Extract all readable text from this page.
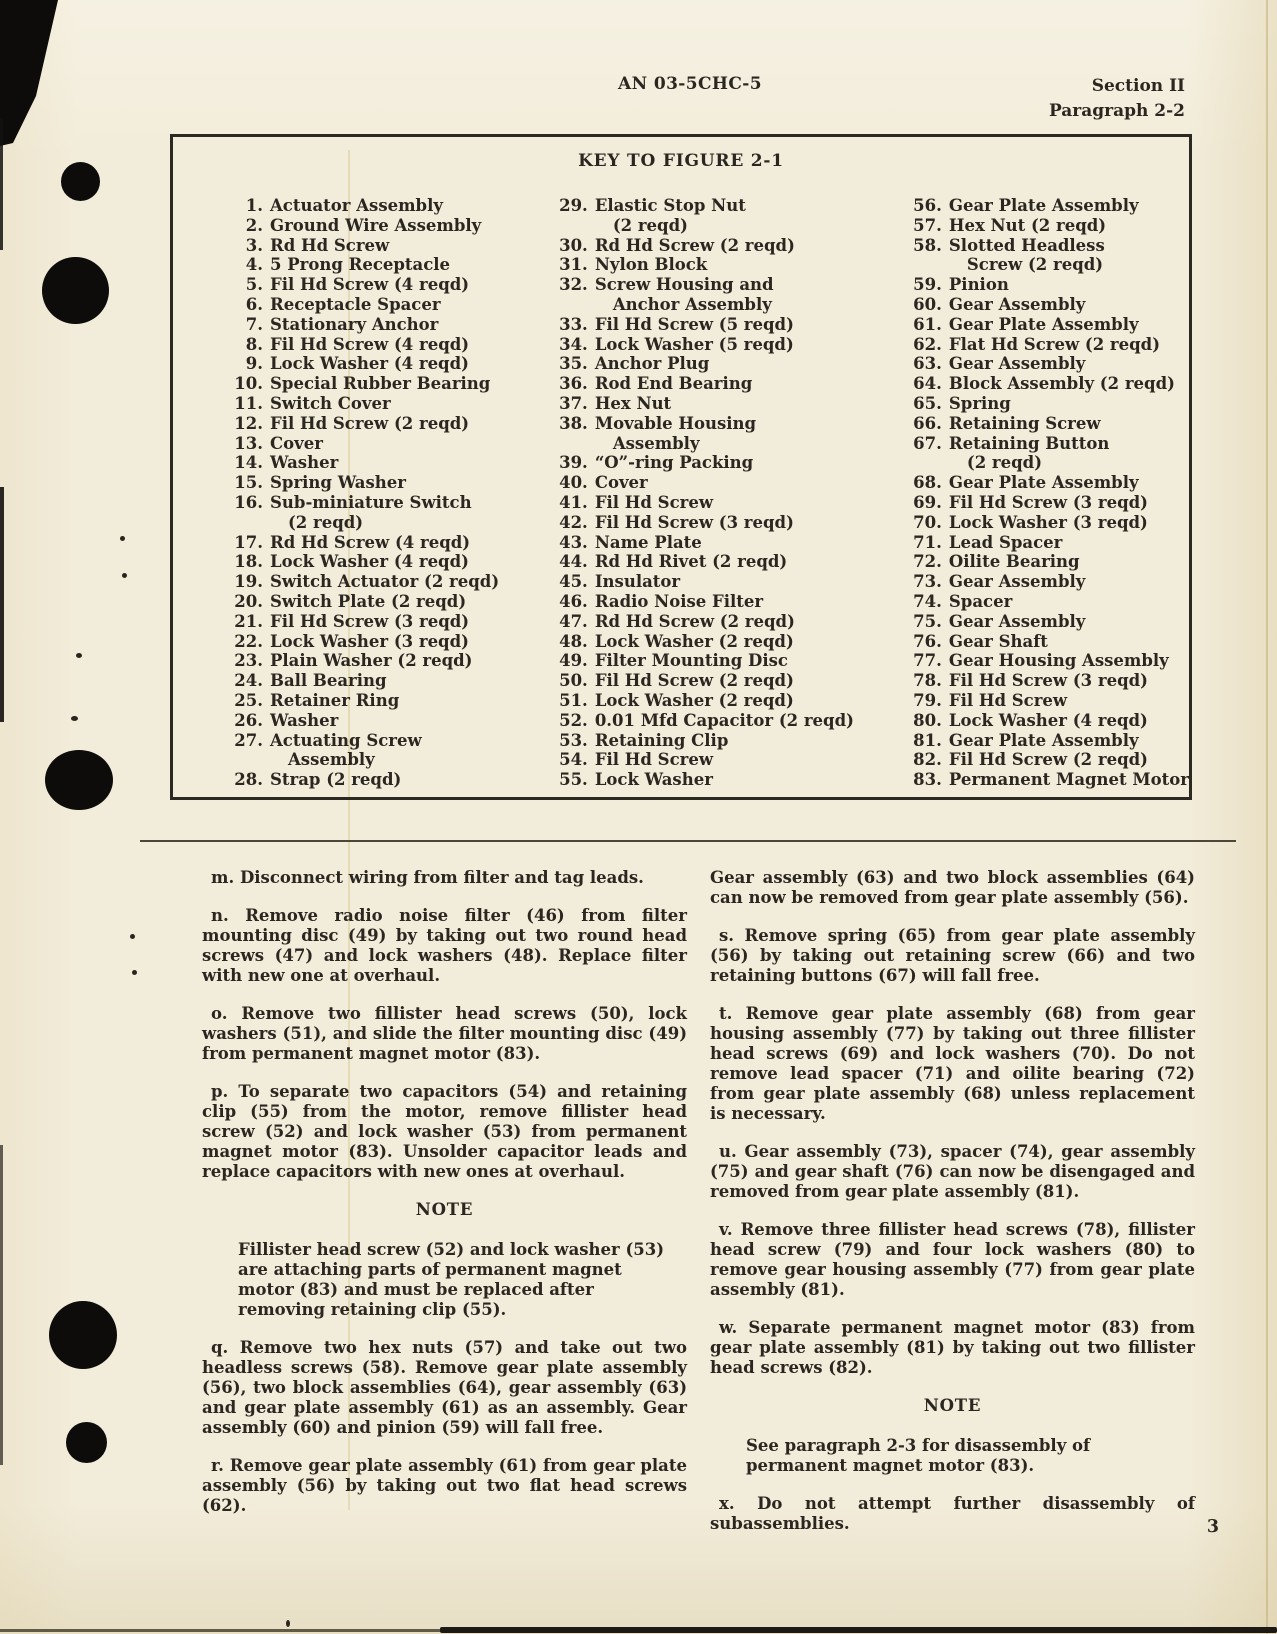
AN 03-5CHC-5	Section II
Paragraph 2-2
KEY TO FIGURE 2-1
1. Actuator Assembly
2. Ground Wire Assembly
3. Rd Hd Screw
4. 5 Prong Receptacle
5. Fil Hd Screw (4 reqd)
6. Receptacle Spacer
7. Stationary Anchor
8. Fil Hd Screw (4 reqd)
9. Lock Washer (4 reqd)
10. Special Rubber Bearing
11. Switch Cover
12. Fil Hd Screw (2 reqd)
13. Cover
14. Washer
15. Spring Washer
16. Sub-miniature Switch
(2 reqd)
17. Rd Hd Screw (4 reqd)
18. Lock Washer (4 reqd)
19. Switch Actuator (2 reqd)
20. Switch Plate (2 reqd)
21. Fil Hd Screw (3 reqd)
22. Lock Washer (3 reqd)
23. Plain Washer (2 reqd)
24. Ball Bearing
25. Retainer Ring
26. Washer
27. Actuating Screw
Assembly
28. Strap (2 reqd)
29. Elastic Stop Nut
(2 reqd)
30. Rd Hd Screw (2 reqd)
31. Nylon Block
32. Screw Housing and
Anchor Assembly
33. Fil Hd Screw (5 reqd)
34. Lock Washer (5 reqd)
35. Anchor Plug
36. Rod End Bearing
37. Hex Nut
38. Movable Housing
Assembly
39. “O”-ring Packing
40. Cover
41. Fil Hd Screw
42. Fil Hd Screw (3 reqd)
43. Name Plate
44. Rd Hd Rivet (2 reqd)
45. Insulator
46. Radio Noise Filter
47. Rd Hd Screw (2 reqd)
48. Lock Washer (2 reqd)
49. Filter Mounting Disc
50. Fil Hd Screw (2 reqd)
51. Lock Washer (2 reqd)
52. 0.01 Mfd Capacitor (2 reqd)
53. Retaining Clip
54. Fil Hd Screw
55. Lock Washer
56. Gear Plate Assembly
57. Hex Nut (2 reqd)
58. Slotted Headless
Screw (2 reqd)
59. Pinion
60. Gear Assembly
61. Gear Plate Assembly
62. Flat Hd Screw (2 reqd)
63. Gear Assembly
64. Block Assembly (2 reqd)
65. Spring
66. Retaining Screw
67. Retaining Button
(2 reqd)
68. Gear Plate Assembly
69. Fil Hd Screw (3 reqd)
70. Lock Washer (3 reqd)
71. Lead Spacer
72. Oilite Bearing
73. Gear Assembly
74. Spacer
75. Gear Assembly
76. Gear Shaft
77. Gear Housing Assembly
78. Fil Hd Screw (3 reqd)
79. Fil Hd Screw
80. Lock Washer (4 reqd)
81. Gear Plate Assembly
82. Fil Hd Screw (2 reqd)
83. Permanent Magnet Motor

m. Disconnect wiring from filter and tag leads.

n. Remove radio noise filter (46) from filter mounting disc (49) by taking out two round head screws (47) and lock washers (48). Replace filter with new one at overhaul.

o. Remove two fillister head screws (50), lock washers (51), and slide the filter mounting disc (49) from permanent magnet motor (83).

p. To separate two capacitors (54) and retaining clip (55) from the motor, remove fillister head screw (52) and lock washer (53) from permanent magnet motor (83). Unsolder capacitor leads and replace capacitors with new ones at overhaul.

NOTE

Fillister head screw (52) and lock washer (53) are attaching parts of permanent magnet motor (83) and must be replaced after removing retaining clip (55).

q. Remove two hex nuts (57) and take out two headless screws (58). Remove gear plate assembly (56), two block assemblies (64), gear assembly (63) and gear plate assembly (61) as an assembly. Gear assembly (60) and pinion (59) will fall free.

r. Remove gear plate assembly (61) from gear plate assembly (56) by taking out two flat head screws (62).

Gear assembly (63) and two block assemblies (64) can now be removed from gear plate assembly (56).

s. Remove spring (65) from gear plate assembly (56) by taking out retaining screw (66) and two retaining buttons (67) will fall free.

t. Remove gear plate assembly (68) from gear housing assembly (77) by taking out three fillister head screws (69) and lock washers (70). Do not remove lead spacer (71) and oilite bearing (72) from gear plate assembly (68) unless replacement is necessary.

u. Gear assembly (73), spacer (74), gear assembly (75) and gear shaft (76) can now be disengaged and removed from gear plate assembly (81).

v. Remove three fillister head screws (78), fillister head screw (79) and four lock washers (80) to remove gear housing assembly (77) from gear plate assembly (81).

w. Separate permanent magnet motor (83) from gear plate assembly (81) by taking out two fillister head screws (82).

NOTE

See paragraph 2-3 for disassembly of permanent magnet motor (83).

x. Do not attempt further disassembly of subassemblies.	3
